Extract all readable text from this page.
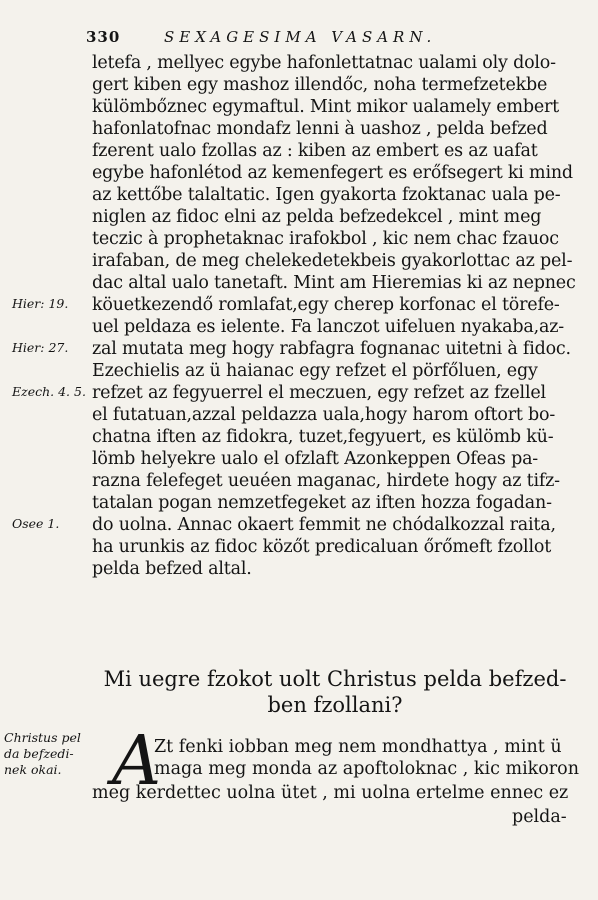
330	SEXAGESIMA VASARN.
letefa , mellyec egybe hafonlettatnac ualami oly dolo-
gert kiben egy mashoz illendőc, noha termefzetekbe
külömbőznec egymaftul. Mint mikor ualamely embert
hafonlatofnac mondafz lenni à uashoz , pelda befzed
fzerent ualo fzollas az : kiben az embert es az uafat
egybe hafonlétod az kemenfegert es erőfsegert ki mind
az kettőbe talaltatic. Igen gyakorta fzoktanac uala pe-
niglen az fidoc elni az pelda befzedekcel , mint meg
teczic à prophetaknac irafokbol , kic nem chac fzauoc
irafaban, de meg chelekedetekbeis gyakorlottac az pel-
dac altal ualo tanetaft. Mint am Hieremias ki az nepnec
köuetkezendő romlafat,egy cherep korfonac el törefe-
uel peldaza es ielente. Fa lanczot uifeluen nyakaba,az-
zal mutata meg hogy rabfagra fognanac uitetni à fidoc.
Ezechielis az ü haianac egy refzet el pörfőluen, egy
refzet az fegyuerrel el meczuen, egy refzet az fzellel
el futatuan,azzal peldazza uala,hogy harom oftort bo-
chatna iften az fidokra, tuzet,fegyuert, es külömb kü-
lömb helyekre ualo el ofzlaft Azonkeppen Ofeas pa-
razna felefeget ueuéen maganac, hirdete hogy az tifz-
tatalan pogan nemzetfegeket az iften hozza fogadan-
do uolna. Annac okaert femmit ne chódalkozzal raita,
ha urunkis az fidoc közőt predicaluan őrőmeft fzollot
pelda befzed altal.
Hier: 19.
Hier: 27.
Ezech. 4. 5.
Osee 1.
Mi uegre fzokot uolt Christus pelda befzed-
ben fzollani?
Christus pel
da befzedi-
nek okai. A
Zt fenki iobban meg nem mondhattya , mint ü
maga meg monda az apoftoloknac , kic mikoron
meg kerdettec uolna ütet , mi uolna ertelme ennec ez
pelda-
